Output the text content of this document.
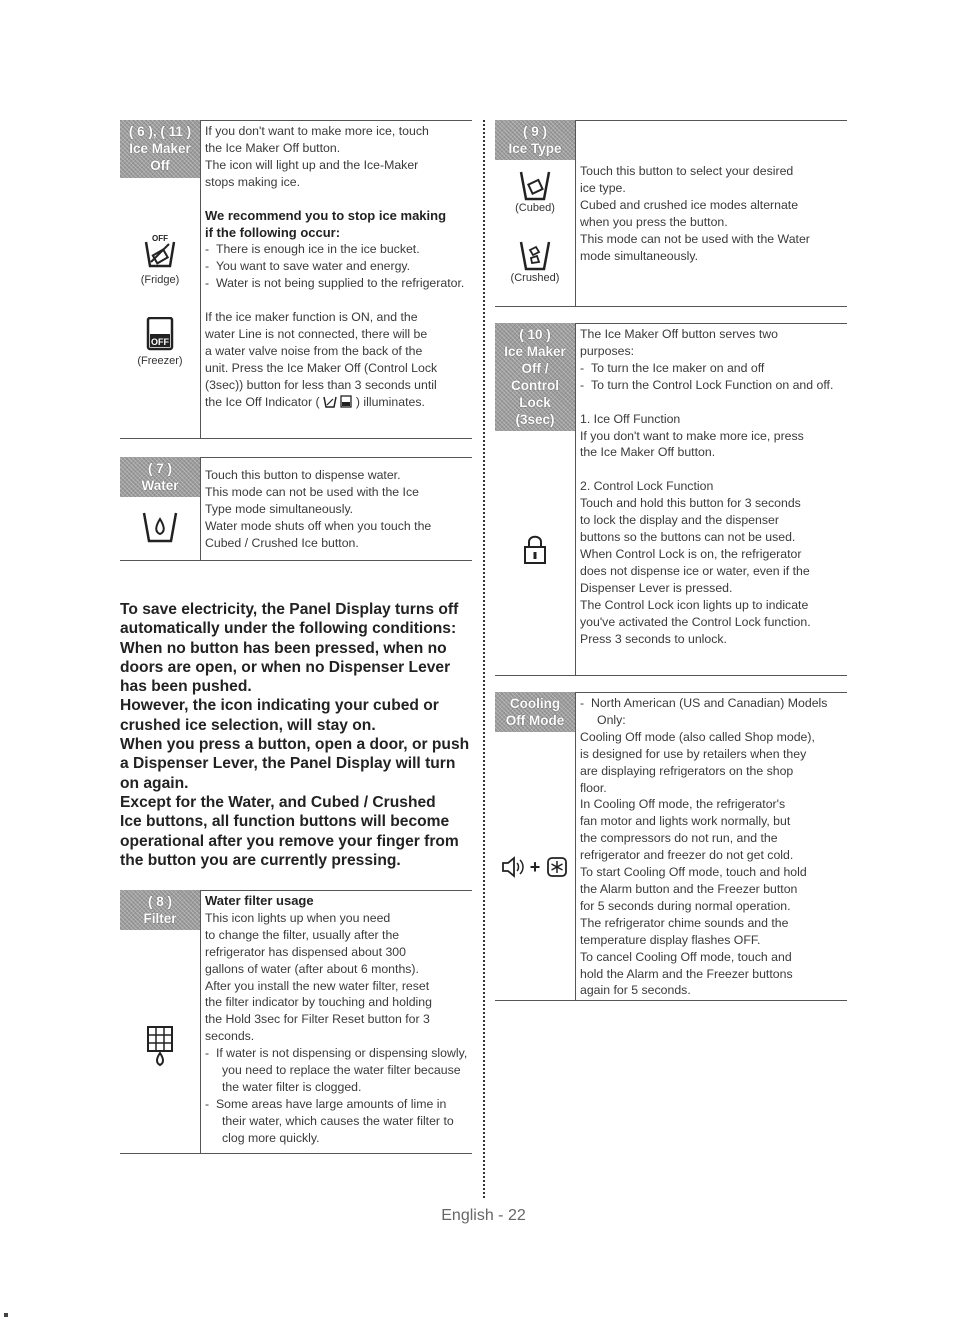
( 6 ), ( 11 )
Ice Maker
Off
OFF
(Fridge)
OFF
(Freezer)

If you don't want to make more ice, touch

the Ice Maker Off button.

The icon will light up and the Ice-Maker

stops making ice.

We recommend you to stop ice making

if the following occur:

-  There is enough ice in the ice bucket.

-  You want to save water and energy.

-  Water is not being supplied to the refrigerator.

If the ice maker function is ON, and the

water Line is not connected, there will be

a water valve noise from the back of the

unit. Press the Ice Maker Off (Control Lock

(3sec)) button for less than 3 seconds until

the Ice Off Indicator (	) illuminates.

( 7 )
Water

Touch this button to dispense water.

This mode can not be used with the Ice

Type mode simultaneously.

Water mode shuts off when you touch the

Cubed / Crushed Ice button.

To save electricity, the Panel Display turns off

automatically under the following conditions:

When no button has been pressed, when no

doors are open, or when no Dispenser Lever

has been pushed.

However, the icon indicating your cubed or

crushed ice selection, will stay on.

When you press a button, open a door, or push

a Dispenser Lever, the Panel Display will turn

on again.

Except for the Water, and Cubed / Crushed

Ice buttons, all function buttons will become

operational after you remove your finger from

the button you are currently pressing.

( 8 )
Filter

Water filter usage

This icon lights up when you need

to change the filter, usually after the

refrigerator has dispensed about 300

gallons of water (after about 6 months).

After you install the new water filter, reset

the filter indicator by touching and holding

the Hold 3sec for Filter Reset button for 3

seconds.

-  If water is not dispensing or dispensing slowly, you need to replace the water filter because the water filter is clogged.

-  Some areas have large amounts of lime in their water, which causes the water filter to clog more quickly.

( 9 )
Ice Type
(Cubed)
(Crushed)

Touch this button to select your desired

ice type.

Cubed and crushed ice modes alternate

when you press the button.

This mode can not be used with the Water

mode simultaneously.

( 10 )
Ice Maker
Off /
Control
Lock
(3sec)

The Ice Maker Off button serves two

purposes:

-  To turn the Ice maker on and off

-  To turn the Control Lock Function on and off.

1. Ice Off Function

If you don't want to make more ice, press

the Ice Maker Off button.

2. Control Lock Function

Touch and hold this button for 3 seconds

to lock the display and the dispenser

buttons so the buttons can not be used.

When Control Lock is on, the refrigerator

does not dispense ice or water, even if the

Dispenser Lever is pressed.

The Control Lock icon lights up to indicate

you've activated the Control Lock function.

Press 3 seconds to unlock.

Cooling
Off Mode
+

-  North American (US and Canadian) Models Only:

Cooling Off mode (also called Shop mode),

is designed for use by retailers when they

are displaying refrigerators on the shop

floor.

In Cooling Off mode, the refrigerator's

fan motor and lights work normally, but

the compressors do not run, and the

refrigerator and freezer do not get cold.

To start Cooling Off mode, touch and hold

the Alarm button and the Freezer button

for 5 seconds during normal operation.

The refrigerator chime sounds and the

temperature display flashes OFF.

To cancel Cooling Off mode, touch and

hold the Alarm and the Freezer buttons

again for 5 seconds.

English - 22
